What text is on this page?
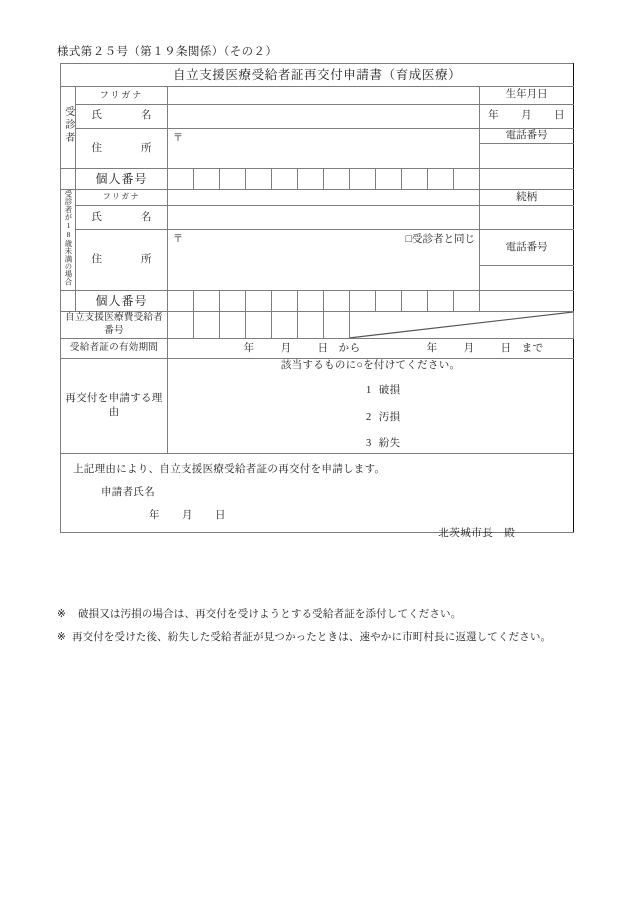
様式第２５号（第１９条関係）（その２）
自立支援医療受給者証再交付申請書（育成医療）														
受診者	フリガナ													生年月日
	氏　　名													年 月 日
	住　　所	〒												電話番号

	個人番号													
受診者が18歳未満の場合	フリガナ													続柄
	氏　　名													
	住　　所	〒 □受診者と同じ												電話番号

	個人番号													
自立支援医療費受給者番号								

受給者証の有効期間		年 月 日 から 年 月 日 まで												
再交付を申請する理由		該当するものに○を付けてください。

1 破損

2 汚損

3 紛失												

上記理由により、自立支援医療受給者証の再交付を申請します。
申請者氏名
年 月 日
北茨城市長　殿														
※ 破損又は汚損の場合は、再交付を受けようとする受給者証を添付してください。
※ 再交付を受けた後、紛失した受給者証が見つかったときは、速やかに市町村長に返還してください。
